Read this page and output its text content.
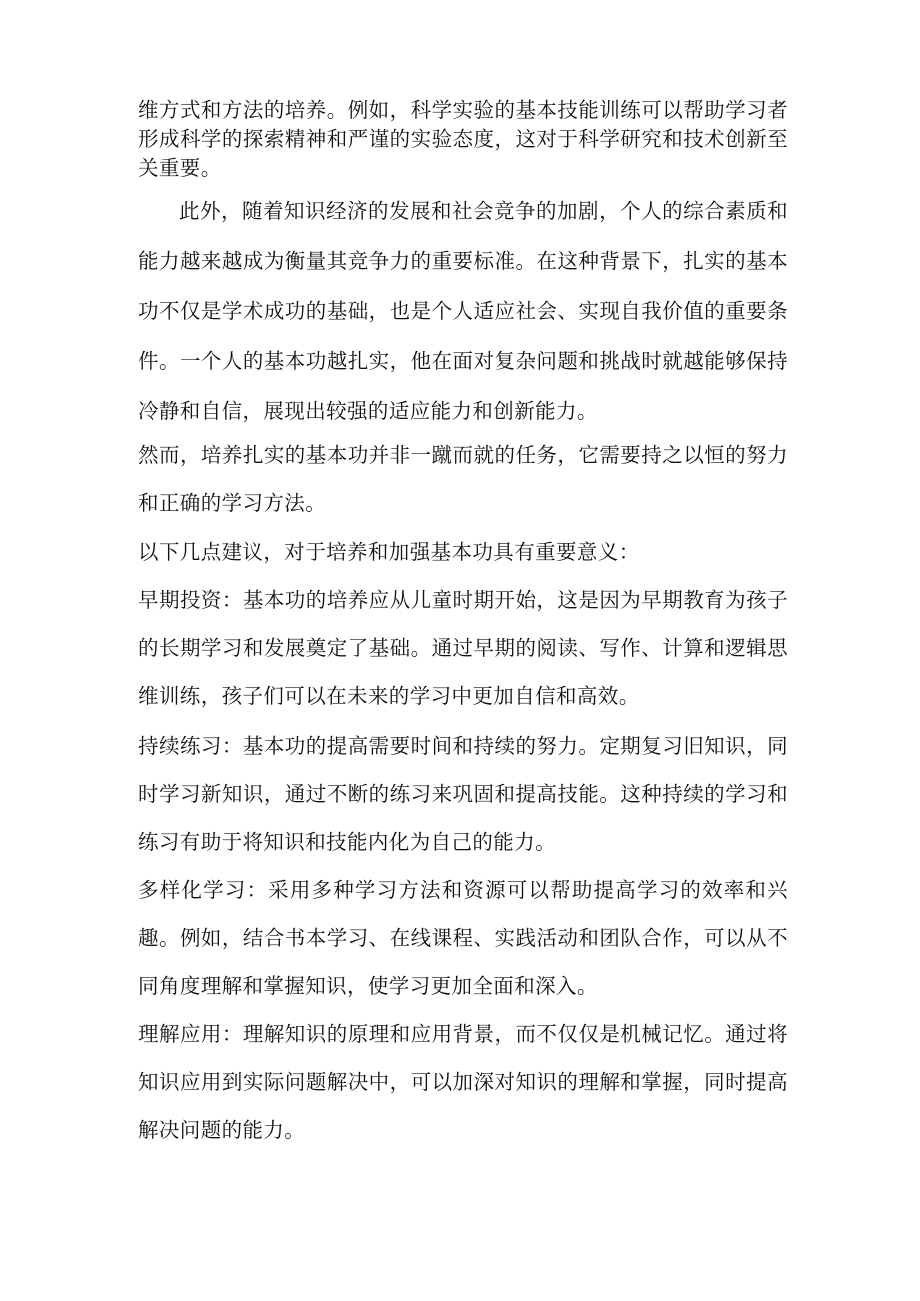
维方式和方法的培养。例如，科学实验的基本技能训练可以帮助学习者形成科学的探索精神和严谨的实验态度，这对于科学研究和技术创新至关重要。

此外，随着知识经济的发展和社会竞争的加剧，个人的综合素质和能力越来越成为衡量其竞争力的重要标准。在这种背景下，扎实的基本功不仅是学术成功的基础，也是个人适应社会、实现自我价值的重要条件。一个人的基本功越扎实，他在面对复杂问题和挑战时就越能够保持冷静和自信，展现出较强的适应能力和创新能力。

然而，培养扎实的基本功并非一蹴而就的任务，它需要持之以恒的努力和正确的学习方法。

以下几点建议，对于培养和加强基本功具有重要意义：

早期投资：基本功的培养应从儿童时期开始，这是因为早期教育为孩子的长期学习和发展奠定了基础。通过早期的阅读、写作、计算和逻辑思维训练，孩子们可以在未来的学习中更加自信和高效。

持续练习：基本功的提高需要时间和持续的努力。定期复习旧知识，同时学习新知识，通过不断的练习来巩固和提高技能。这种持续的学习和练习有助于将知识和技能内化为自己的能力。

多样化学习：采用多种学习方法和资源可以帮助提高学习的效率和兴趣。例如，结合书本学习、在线课程、实践活动和团队合作，可以从不同角度理解和掌握知识，使学习更加全面和深入。

理解应用：理解知识的原理和应用背景，而不仅仅是机械记忆。通过将知识应用到实际问题解决中，可以加深对知识的理解和掌握，同时提高解决问题的能力。
